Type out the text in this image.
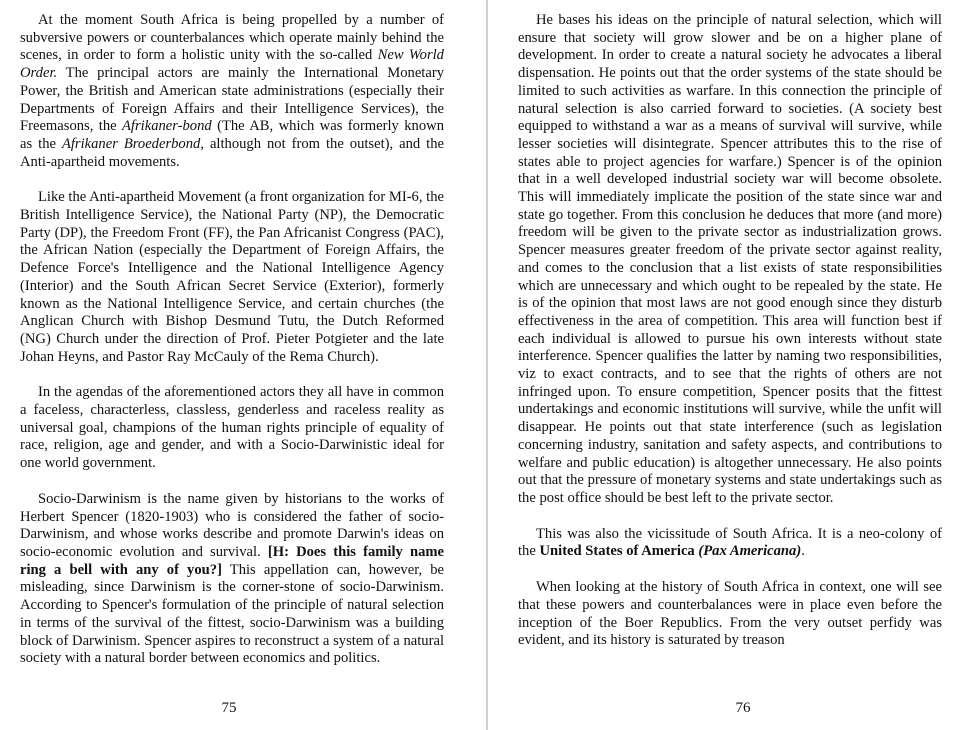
At the moment South Africa is being propelled by a number of subversive powers or counterbalances which operate mainly behind the scenes, in order to form a holistic unity with the so-called New World Order. The principal actors are mainly the International Monetary Power, the British and American state administrations (especially their Departments of Foreign Affairs and their Intelligence Services), the Freemasons, the Afrikaner-bond (The AB, which was formerly known as the Afrikaner Broederbond, although not from the outset), and the Anti-apartheid movements.

Like the Anti-apartheid Movement (a front organization for MI-6, the British Intelligence Service), the National Party (NP), the Democratic Party (DP), the Freedom Front (FF), the Pan Africanist Congress (PAC), the African Nation (especially the Department of Foreign Affairs, the Defence Force's Intelligence and the National Intelligence Agency (Interior) and the South African Secret Service (Exterior), formerly known as the National Intelligence Service, and certain churches (the Anglican Church with Bishop Desmund Tutu, the Dutch Reformed (NG) Church under the direction of Prof. Pieter Potgieter and the late Johan Heyns, and Pastor Ray McCauly of the Rema Church).

In the agendas of the aforementioned actors they all have in common a faceless, characterless, classless, genderless and raceless reality as universal goal, champions of the human rights principle of equality of race, religion, age and gender, and with a Socio-Darwinistic ideal for one world government.

Socio-Darwinism is the name given by historians to the works of Herbert Spencer (1820-1903) who is considered the father of socio-Darwinism, and whose works describe and promote Darwin's ideas on socio-economic evolution and survival. [H: Does this family name ring a bell with any of you?] This appellation can, however, be misleading, since Darwinism is the corner-stone of socio-Darwinism. According to Spencer's formulation of the principle of natural selection in terms of the survival of the fittest, socio-Darwinism was a building block of Darwinism. Spencer aspires to reconstruct a system of a natural society with a natural border between economics and politics.

75

He bases his ideas on the principle of natural selection, which will ensure that society will grow slower and be on a higher plane of development. In order to create a natural society he advocates a liberal dispensation. He points out that the order systems of the state should be limited to such activities as warfare. In this connection the principle of natural selection is also carried forward to societies. (A society best equipped to withstand a war as a means of survival will survive, while lesser societies will disintegrate. Spencer attributes this to the rise of states able to project agencies for warfare.) Spencer is of the opinion that in a well developed industrial society war will become obsolete. This will immediately implicate the position of the state since war and state go together. From this conclusion he deduces that more (and more) freedom will be given to the private sector as industrialization grows. Spencer measures greater freedom of the private sector against reality, and comes to the conclusion that a list exists of state responsibilities which are unnecessary and which ought to be repealed by the state. He is of the opinion that most laws are not good enough since they disturb effectiveness in the area of competition. This area will function best if each individual is allowed to pursue his own interests without state interference. Spencer qualifies the latter by naming two responsibilities, viz to exact contracts, and to see that the rights of others are not infringed upon. To ensure competition, Spencer posits that the fittest undertakings and economic institutions will survive, while the unfit will disappear. He points out that state interference (such as legislation concerning industry, sanitation and safety aspects, and contributions to welfare and public education) is altogether unnecessary. He also points out that the pressure of monetary systems and state undertakings such as the post office should be best left to the private sector.

This was also the vicissitude of South Africa. It is a neo-colony of the United States of America (Pax Americana).

When looking at the history of South Africa in context, one will see that these powers and counterbalances were in place even before the inception of the Boer Republics. From the very outset perfidy was evident, and its history is saturated by treason

76
